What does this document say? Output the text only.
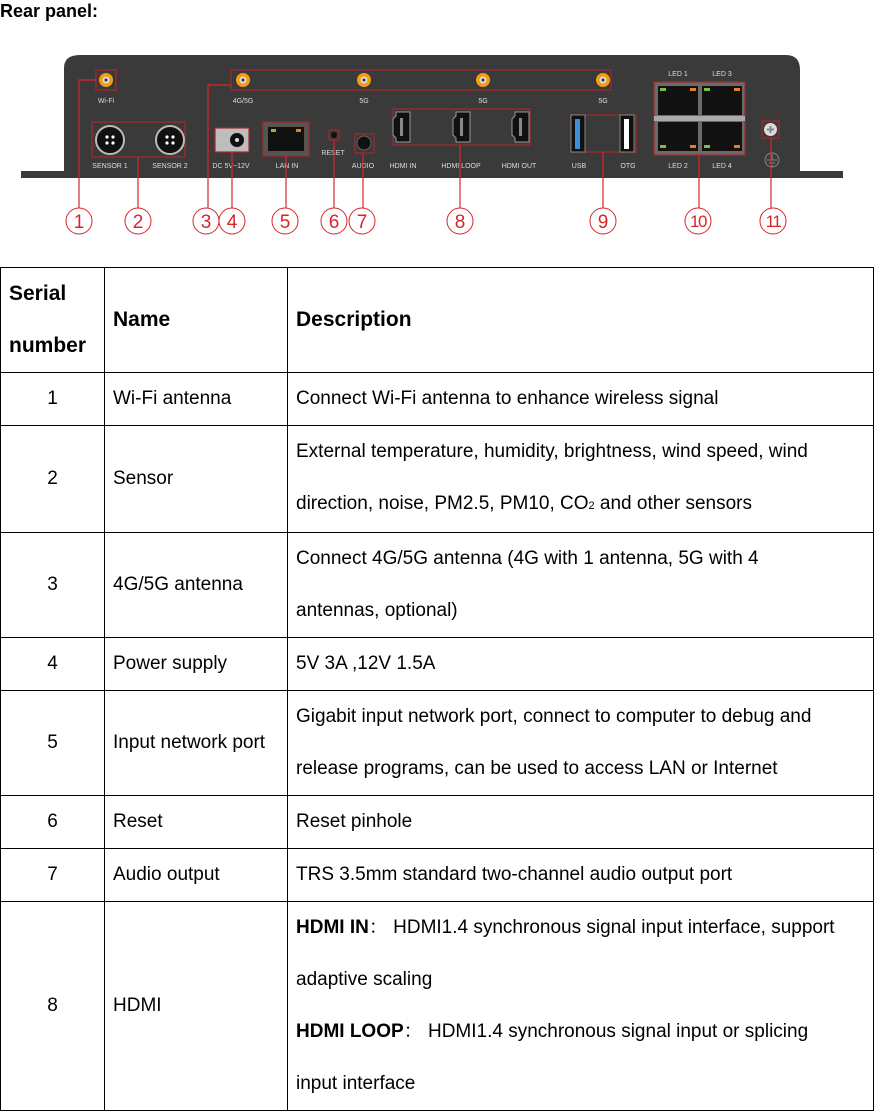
Rear panel:
Wi-Fi	4G/5G	5G	5G	5G
SENSOR 1	SENSOR 2	DC 5V~12V	LAN IN
RESET
AUDIO HDMI IN	HDMI LOOP	HDMI OUT	USB	OTG
LED 1	LED 3
LED 2	LED 4
1	2	3 4 5 6 7	8	9	10	11
Serial
number	Name	Description
1	Wi-Fi antenna	Connect Wi-Fi antenna to enhance wireless signal

2	Sensor	External temperature, humidity, brightness, wind speed, wind
direction, noise, PM2.5, PM10, CO2 and other sensors

3	4G/5G antenna	Connect 4G/5G antenna (4G with 1 antenna, 5G with 4
antennas, optional)

4	Power supply	5V 3A ,12V 1.5A

5	Input network port	Gigabit input network port, connect to computer to debug and
release programs, can be used to access LAN or Internet

6	Reset	Reset pinhole

7	Audio output	TRS 3.5mm standard two-channel audio output port

8	HDMI	HDMI IN： HDMI1.4 synchronous signal input interface, support
adaptive scaling
HDMI LOOP： HDMI1.4 synchronous signal input or splicing
input interface
